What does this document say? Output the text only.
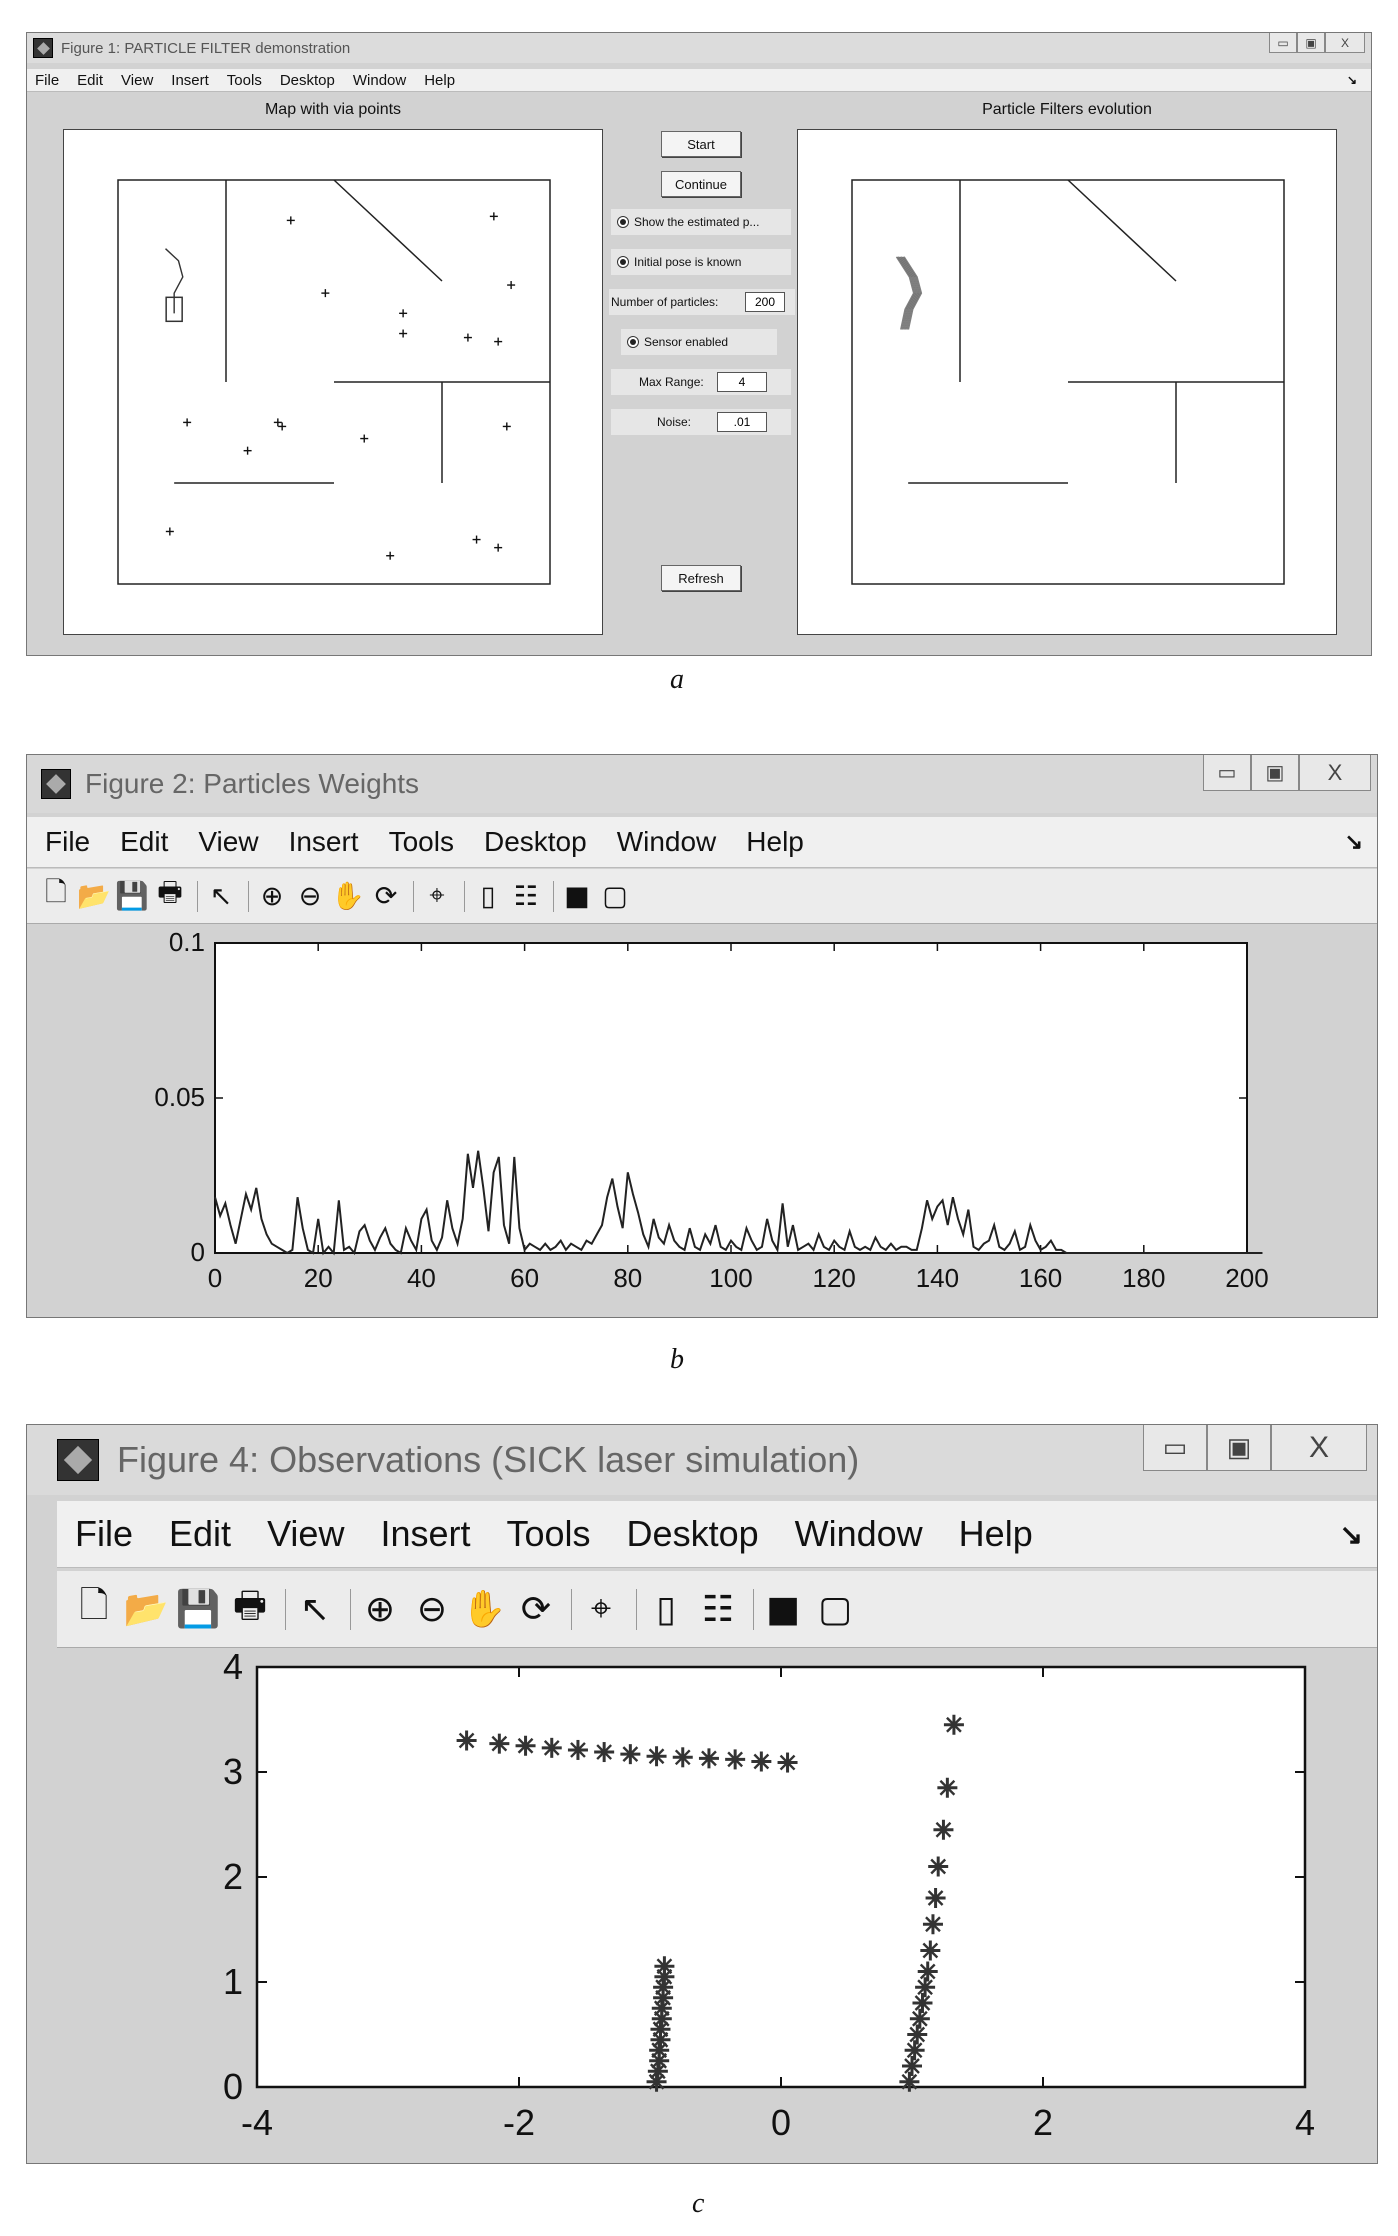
Figure 1: PARTICLE FILTER demonstration	▭	▣	X
File Edit View Insert Tools Desktop Window Help	↘
Map with via points	Particle Filters evolution
Start
Continue
Show the estimated p...
Initial pose is known
Number of particles:
200
Sensor enabled
Max Range:
4
Noise:
.01
Refresh
a
Figure 2: Particles Weights	▭	▣	X
File Edit View Insert Tools Desktop Window Help	↘
🗋 📂 💾 🖶 ↖ ⊕ ⊖ ✋ ⟳	⌖	▯ ☷ ■ ▢
0	20	40	60	80	100 120 140 160 180 200
0
0.05
0.1
b
Figure 4: Observations (SICK laser simulation)	▭	▣	X
File Edit View Insert Tools Desktop Window Help	↘
🗋 📂 💾 🖶 ↖ ⊕ ⊖ ✋ ⟳	⌖	▯ ☷ ■ ▢
-4	-2	0	2	4
0
1
2
3
4
c
